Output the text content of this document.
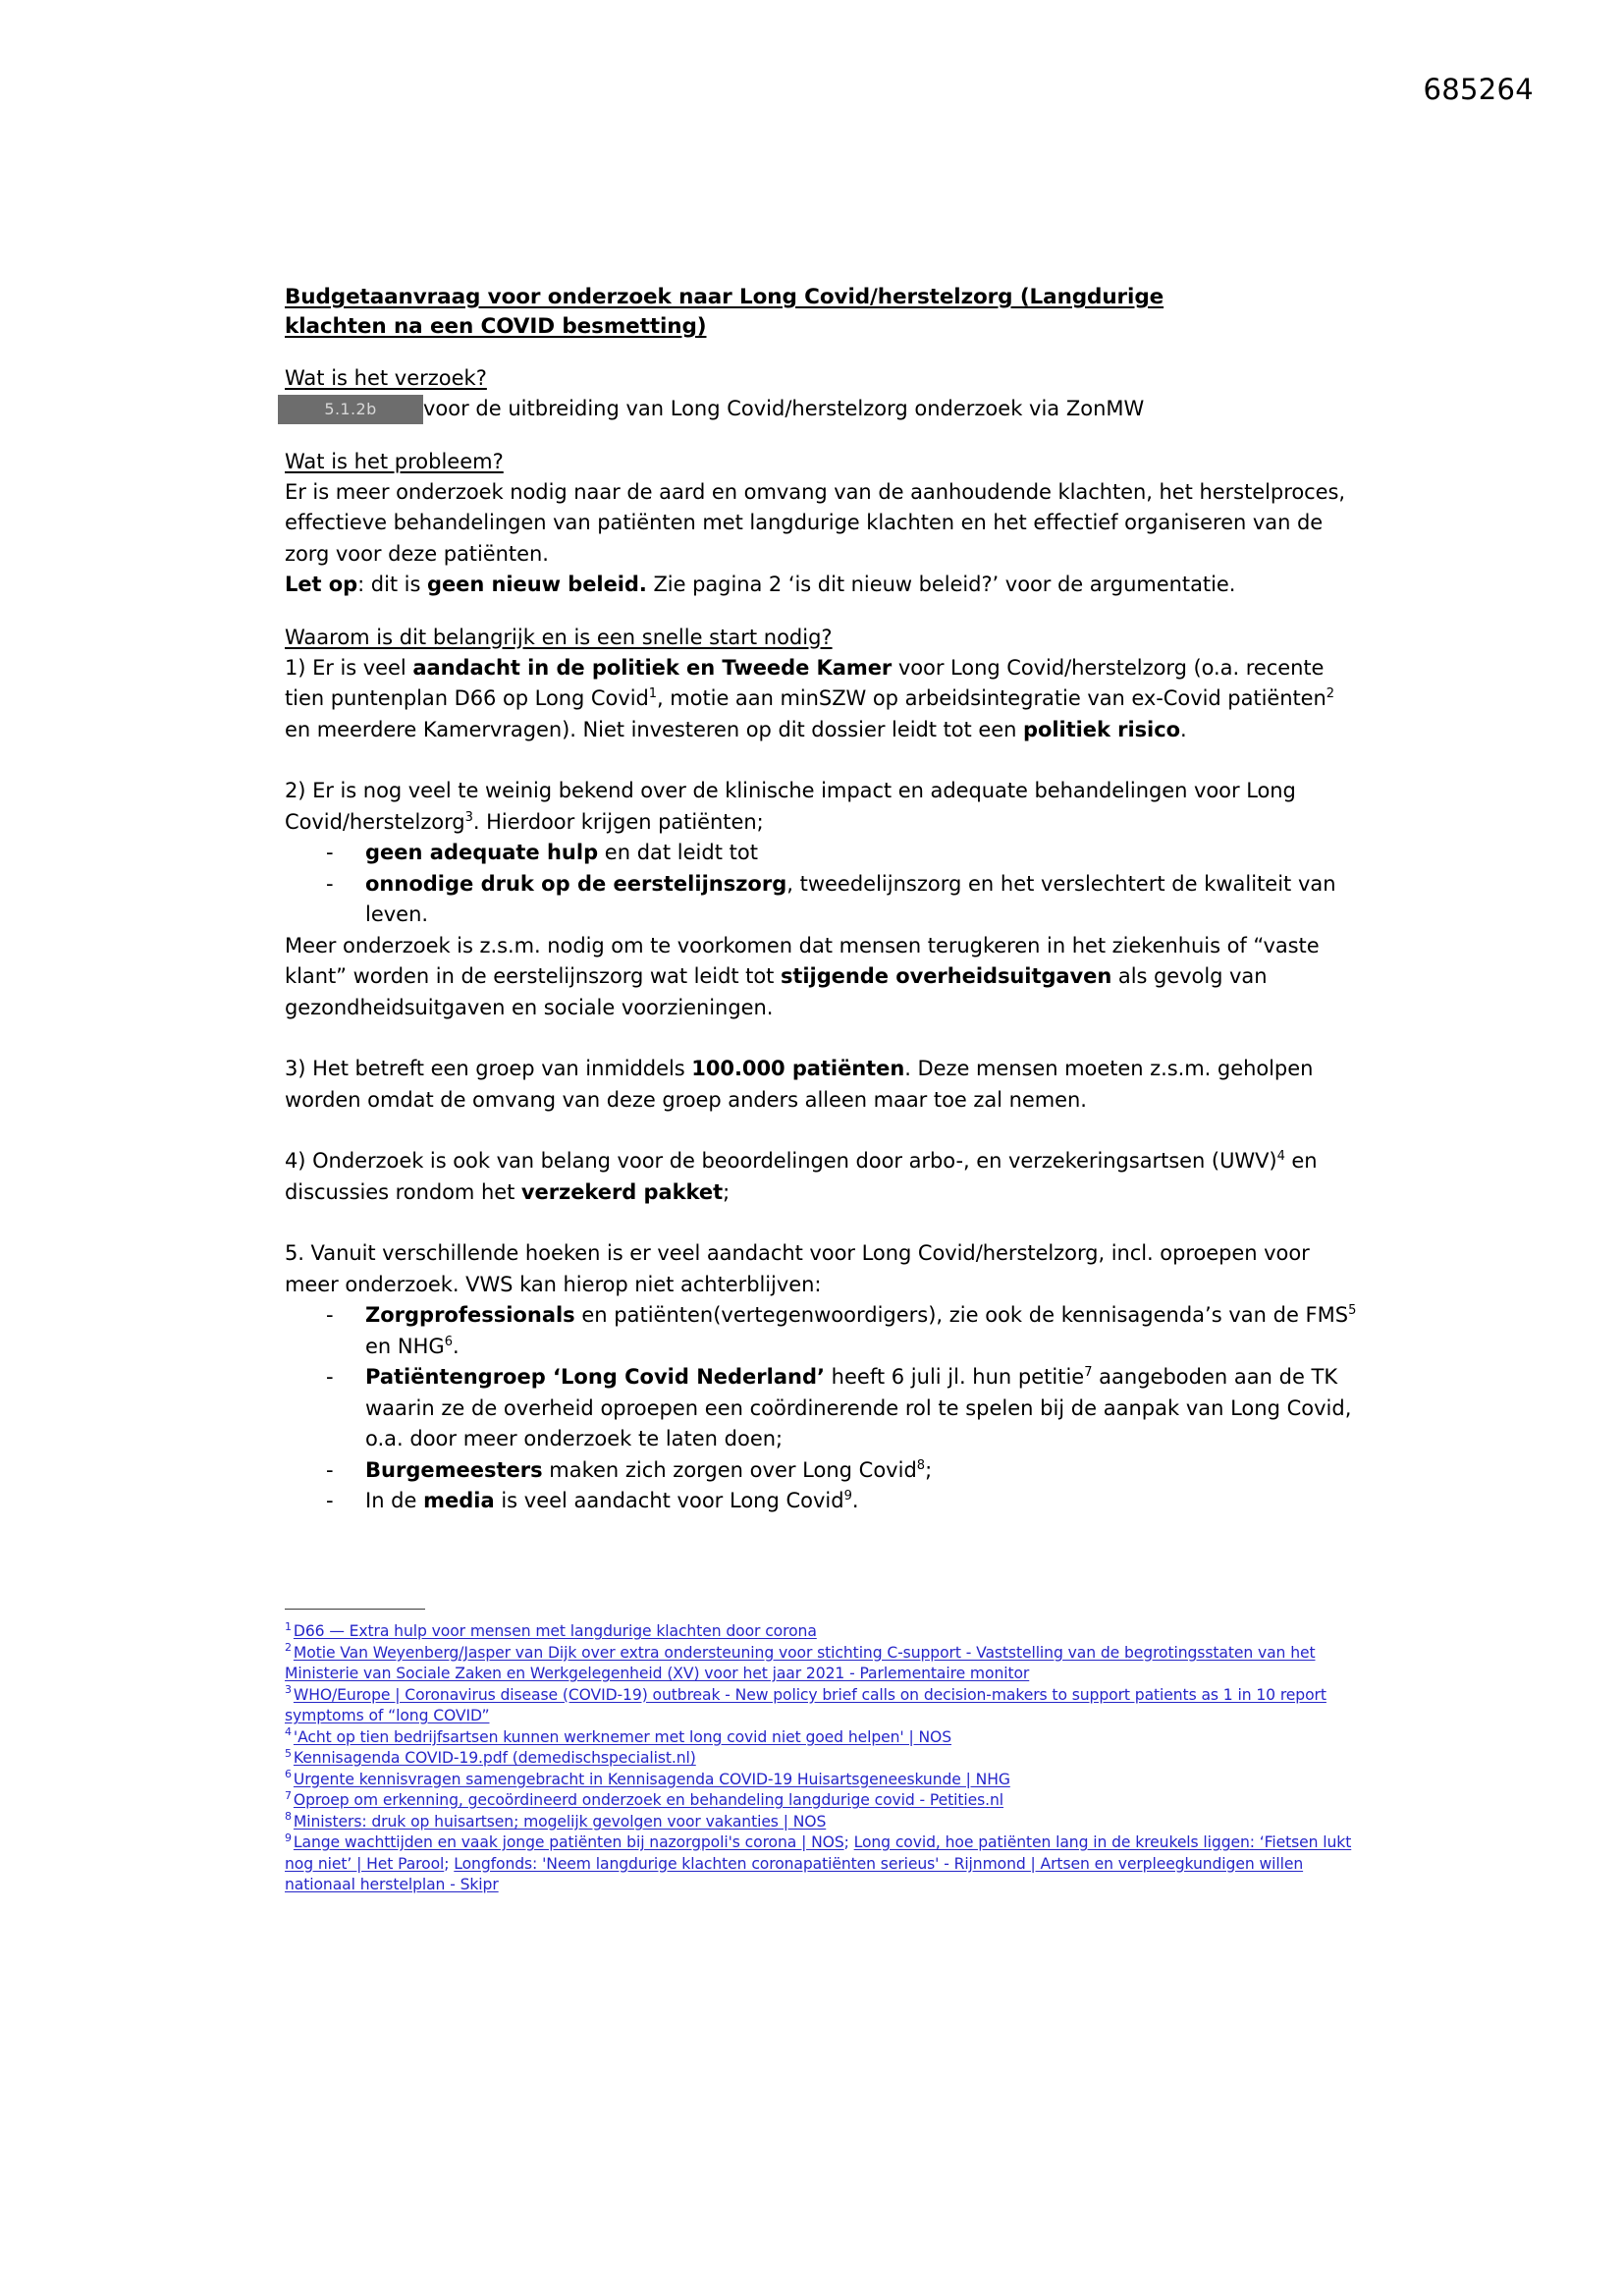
685264
Budgetaanvraag voor onderzoek naar Long Covid/herstelzorg (Langdurige
klachten na een COVID besmetting)
Wat is het verzoek?
5.1.2b	voor de uitbreiding van Long Covid/herstelzorg onderzoek via ZonMW
Wat is het probleem?

Er is meer onderzoek nodig naar de aard en omvang van de aanhoudende klachten, het herstelproces, effectieve behandelingen van patiënten met langdurige klachten en het effectief organiseren van de zorg voor deze patiënten.
Let op: dit is geen nieuw beleid. Zie pagina 2 ‘is dit nieuw beleid?’ voor de argumentatie.

Waarom is dit belangrijk en is een snelle start nodig?

1) Er is veel aandacht in de politiek en Tweede Kamer voor Long Covid/herstelzorg (o.a. recente tien puntenplan D66 op Long Covid$^1$, motie aan minSZW op arbeidsintegratie van ex-Covid patiënten$^2$ en meerdere Kamervragen). Niet investeren op dit dossier leidt tot een politiek risico.

2) Er is nog veel te weinig bekend over de klinische impact en adequate behandelingen voor Long Covid/herstelzorg$^3$. Hierdoor krijgen patiënten;

- geen adequate hulp en dat leidt tot
- onnodige druk op de eerstelijnszorg, tweedelijnszorg en het verslechtert de kwaliteit van leven.

Meer onderzoek is z.s.m. nodig om te voorkomen dat mensen terugkeren in het ziekenhuis of “vaste klant” worden in de eerstelijnszorg wat leidt tot stijgende overheidsuitgaven als gevolg van gezondheidsuitgaven en sociale voorzieningen.

3) Het betreft een groep van inmiddels 100.000 patiënten. Deze mensen moeten z.s.m. geholpen worden omdat de omvang van deze groep anders alleen maar toe zal nemen.

4) Onderzoek is ook van belang voor de beoordelingen door arbo-, en verzekeringsartsen (UWV)$^4$ en discussies rondom het verzekerd pakket;

5. Vanuit verschillende hoeken is er veel aandacht voor Long Covid/herstelzorg, incl. oproepen voor meer onderzoek. VWS kan hierop niet achterblijven:

- Zorgprofessionals en patiënten(vertegenwoordigers), zie ook de kennisagenda’s van de FMS$^5$ en NHG$^6$.
- Patiëntengroep ‘Long Covid Nederland’ heeft 6 juli jl. hun petitie$^7$ aangeboden aan de TK waarin ze de overheid oproepen een coördinerende rol te spelen bij de aanpak van Long Covid, o.a. door meer onderzoek te laten doen;
- Burgemeesters maken zich zorgen over Long Covid$^8$;
- In de media is veel aandacht voor Long Covid$^9$.

$^1$ D66 — Extra hulp voor mensen met langdurige klachten door corona

$^2$ Motie Van Weyenberg/Jasper van Dijk over extra ondersteuning voor stichting C-support - Vaststelling van de begrotingsstaten van het Ministerie van Sociale Zaken en Werkgelegenheid (XV) voor het jaar 2021 - Parlementaire monitor

$^3$ WHO/Europe | Coronavirus disease (COVID-19) outbreak - New policy brief calls on decision-makers to support patients as 1 in 10 report symptoms of “long COVID”

$^4$ 'Acht op tien bedrijfsartsen kunnen werknemer met long covid niet goed helpen' | NOS

$^5$ Kennisagenda COVID-19.pdf (demedischspecialist.nl)

$^6$ Urgente kennisvragen samengebracht in Kennisagenda COVID-19 Huisartsgeneeskunde | NHG

$^7$ Oproep om erkenning, gecoördineerd onderzoek en behandeling langdurige covid - Petities.nl

$^8$ Ministers: druk op huisartsen; mogelijk gevolgen voor vakanties | NOS

$^9$ Lange wachttijden en vaak jonge patiënten bij nazorgpoli's corona | NOS; Long covid, hoe patiënten lang in de kreukels liggen: ‘Fietsen lukt nog niet’ | Het Parool; Longfonds: 'Neem langdurige klachten coronapatiënten serieus' - Rijnmond | Artsen en verpleegkundigen willen nationaal herstelplan - Skipr
